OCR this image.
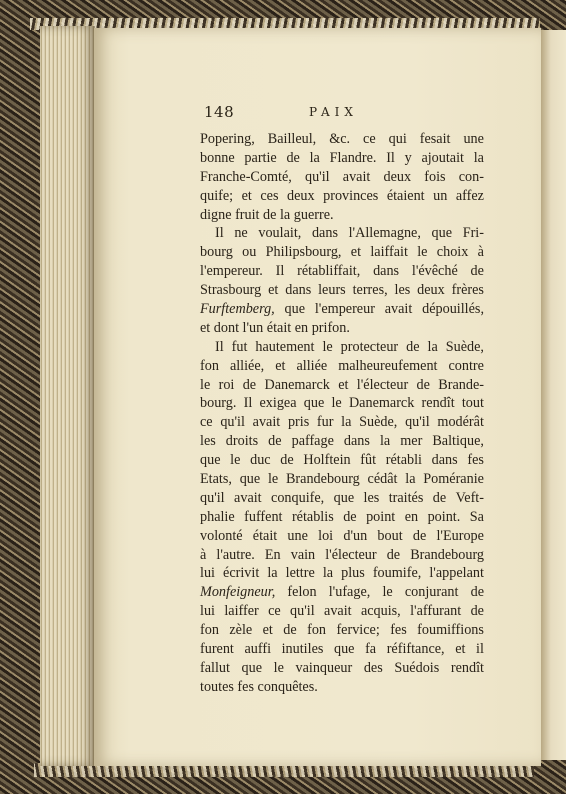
148	PAIX
Popering, Bailleul, &c. ce qui fesait une
bonne partie de la Flandre. Il y ajoutait la
Franche-Comté, qu'il avait deux fois con-
quife; et ces deux provinces étaient un affez
digne fruit de la guerre.
Il ne voulait, dans l'Allemagne, que Fri-
bourg ou Philipsbourg, et laiffait le choix à
l'empereur. Il rétabliffait, dans l'évêché de
Strasbourg et dans leurs terres, les deux frères
Furftemberg, que l'empereur avait dépouillés,
et dont l'un était en prifon.
Il fut hautement le protecteur de la Suède,
fon alliée, et alliée malheureufement contre
le roi de Danemarck et l'électeur de Brande-
bourg. Il exigea que le Danemarck rendît tout
ce qu'il avait pris fur la Suède, qu'il modérât
les droits de paffage dans la mer Baltique,
que le duc de Holftein fût rétabli dans fes
Etats, que le Brandebourg cédât la Poméranie
qu'il avait conquife, que les traités de Veft-
phalie fuffent rétablis de point en point. Sa
volonté était une loi d'un bout de l'Europe
à l'autre. En vain l'électeur de Brandebourg
lui écrivit la lettre la plus foumife, l'appelant
Monfeigneur, felon l'ufage, le conjurant de
lui laiffer ce qu'il avait acquis, l'affurant de
fon zèle et de fon fervice; fes foumiffions
furent auffi inutiles que fa réfiftance, et il
fallut que le vainqueur des Suédois rendît
toutes fes conquêtes.
